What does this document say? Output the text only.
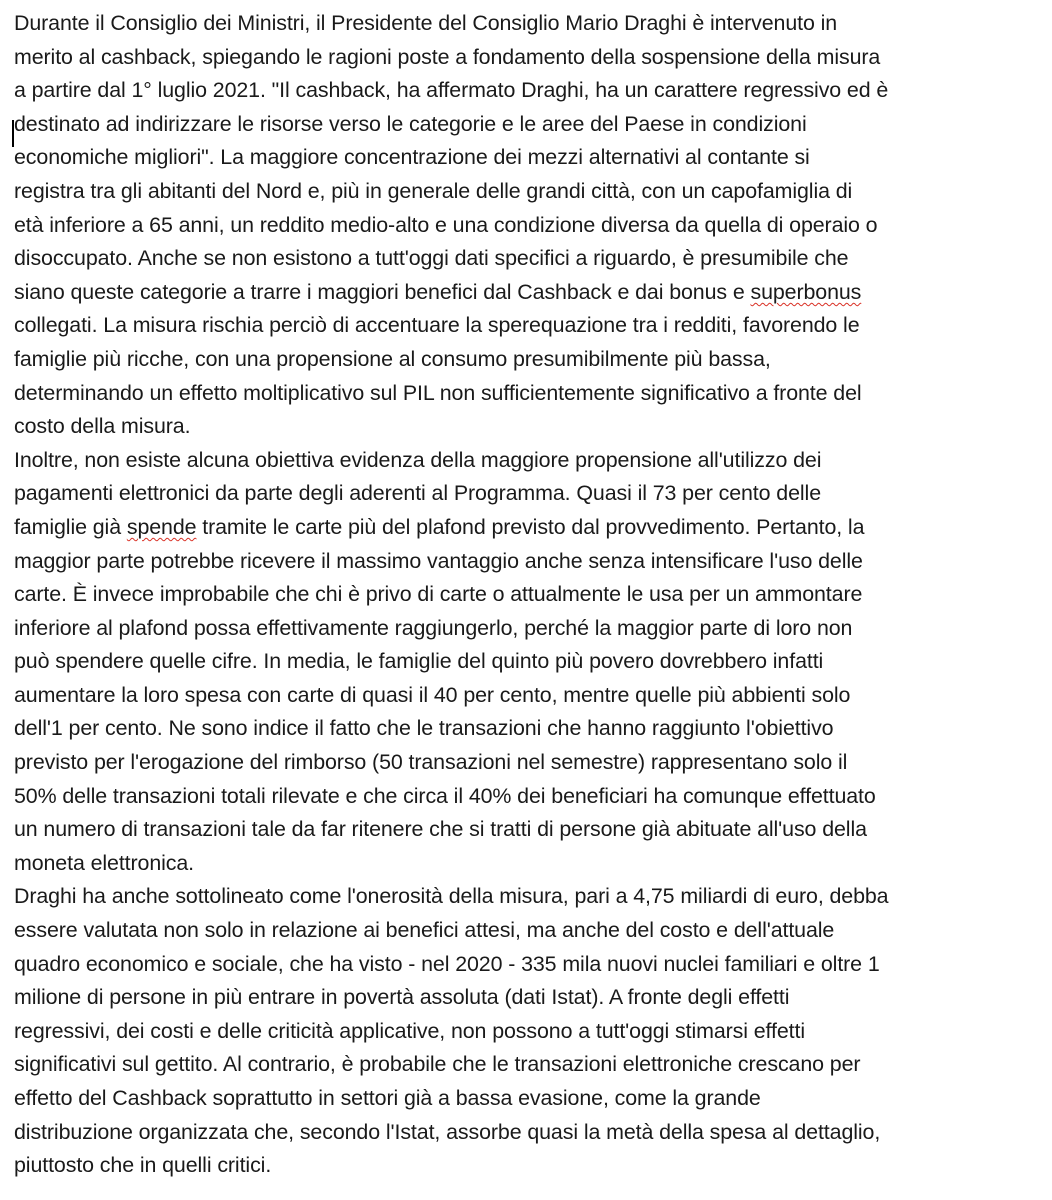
Durante il Consiglio dei Ministri, il Presidente del Consiglio Mario Draghi è intervenuto in
merito al cashback, spiegando le ragioni poste a fondamento della sospensione della misura
a partire dal 1° luglio 2021. "Il cashback, ha affermato Draghi, ha un carattere regressivo ed è
destinato ad indirizzare le risorse verso le categorie e le aree del Paese in condizioni
economiche migliori". La maggiore concentrazione dei mezzi alternativi al contante si
registra tra gli abitanti del Nord e, più in generale delle grandi città, con un capofamiglia di
età inferiore a 65 anni, un reddito medio-alto e una condizione diversa da quella di operaio o
disoccupato. Anche se non esistono a tutt'oggi dati specifici a riguardo, è presumibile che
siano queste categorie a trarre i maggiori benefici dal Cashback e dai bonus e superbonus
collegati. La misura rischia perciò di accentuare la sperequazione tra i redditi, favorendo le
famiglie più ricche, con una propensione al consumo presumibilmente più bassa,
determinando un effetto moltiplicativo sul PIL non sufficientemente significativo a fronte del
costo della misura.
Inoltre, non esiste alcuna obiettiva evidenza della maggiore propensione all'utilizzo dei
pagamenti elettronici da parte degli aderenti al Programma. Quasi il 73 per cento delle
famiglie già spende tramite le carte più del plafond previsto dal provvedimento. Pertanto, la
maggior parte potrebbe ricevere il massimo vantaggio anche senza intensificare l'uso delle
carte. È invece improbabile che chi è privo di carte o attualmente le usa per un ammontare
inferiore al plafond possa effettivamente raggiungerlo, perché la maggior parte di loro non
può spendere quelle cifre. In media, le famiglie del quinto più povero dovrebbero infatti
aumentare la loro spesa con carte di quasi il 40 per cento, mentre quelle più abbienti solo
dell'1 per cento. Ne sono indice il fatto che le transazioni che hanno raggiunto l'obiettivo
previsto per l'erogazione del rimborso (50 transazioni nel semestre) rappresentano solo il
50% delle transazioni totali rilevate e che circa il 40% dei beneficiari ha comunque effettuato
un numero di transazioni tale da far ritenere che si tratti di persone già abituate all'uso della
moneta elettronica.
Draghi ha anche sottolineato come l'onerosità della misura, pari a 4,75 miliardi di euro, debba
essere valutata non solo in relazione ai benefici attesi, ma anche del costo e dell'attuale
quadro economico e sociale, che ha visto - nel 2020 - 335 mila nuovi nuclei familiari e oltre 1
milione di persone in più entrare in povertà assoluta (dati Istat). A fronte degli effetti
regressivi, dei costi e delle criticità applicative, non possono a tutt'oggi stimarsi effetti
significativi sul gettito. Al contrario, è probabile che le transazioni elettroniche crescano per
effetto del Cashback soprattutto in settori già a bassa evasione, come la grande
distribuzione organizzata che, secondo l'Istat, assorbe quasi la metà della spesa al dettaglio,
piuttosto che in quelli critici.
